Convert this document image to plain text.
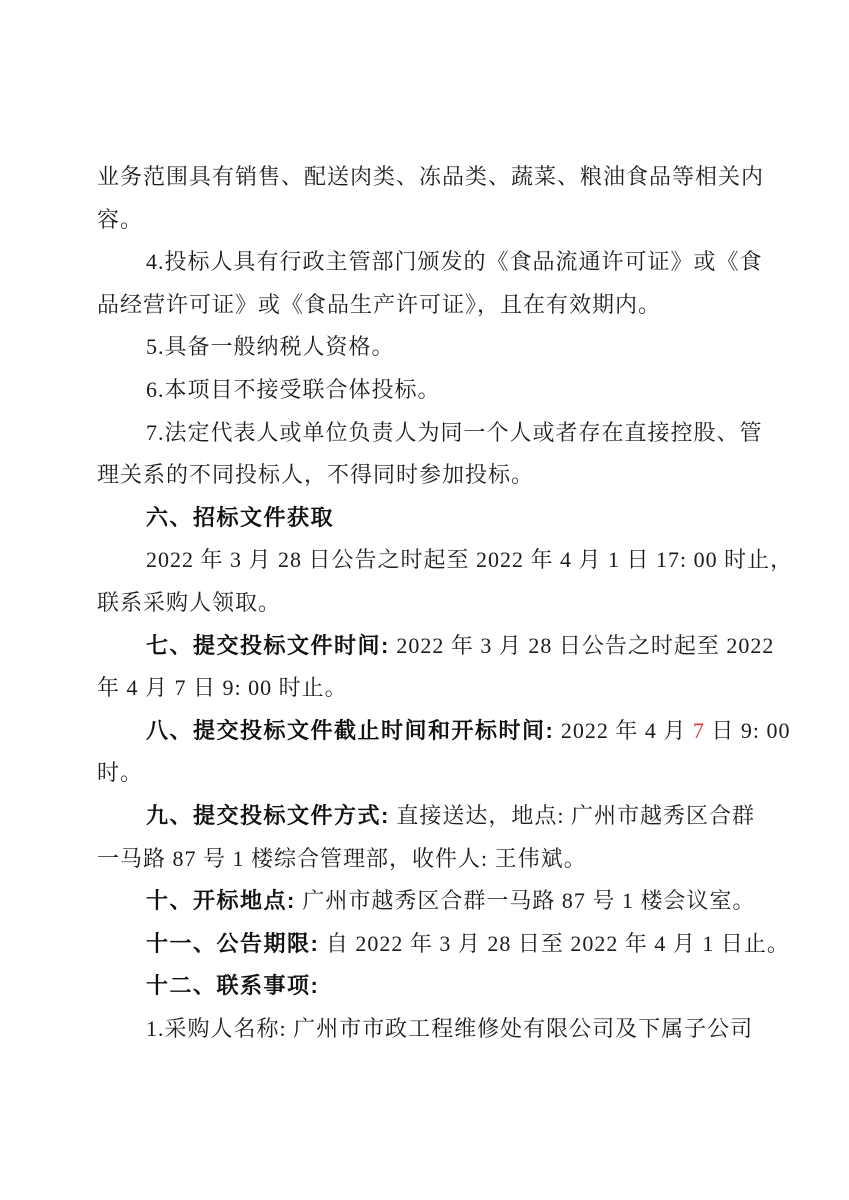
业务范围具有销售、配送肉类、冻品类、蔬菜、粮油食品等相关内
容。
4.投标人具有行政主管部门颁发的《食品流通许可证》或《食
品经营许可证》或《食品生产许可证》，且在有效期内。
5.具备一般纳税人资格。
6.本项目不接受联合体投标。
7.法定代表人或单位负责人为同一个人或者存在直接控股、管
理关系的不同投标人，不得同时参加投标。
六、招标文件获取
2022 年 3 月 28 日公告之时起至 2022 年 4 月 1 日 17: 00 时止，
联系采购人领取。
七、提交投标文件时间: 2022 年 3 月 28 日公告之时起至 2022
年 4 月 7 日 9: 00 时止。
八、提交投标文件截止时间和开标时间: 2022 年 4 月 7 日 9: 00
时。
九、提交投标文件方式: 直接送达，地点: 广州市越秀区合群
一马路 87 号 1 楼综合管理部，收件人: 王伟斌。
十、开标地点: 广州市越秀区合群一马路 87 号 1 楼会议室。
十一、公告期限: 自 2022 年 3 月 28 日至 2022 年 4 月 1 日止。
十二、联系事项:
1.采购人名称: 广州市市政工程维修处有限公司及下属子公司
